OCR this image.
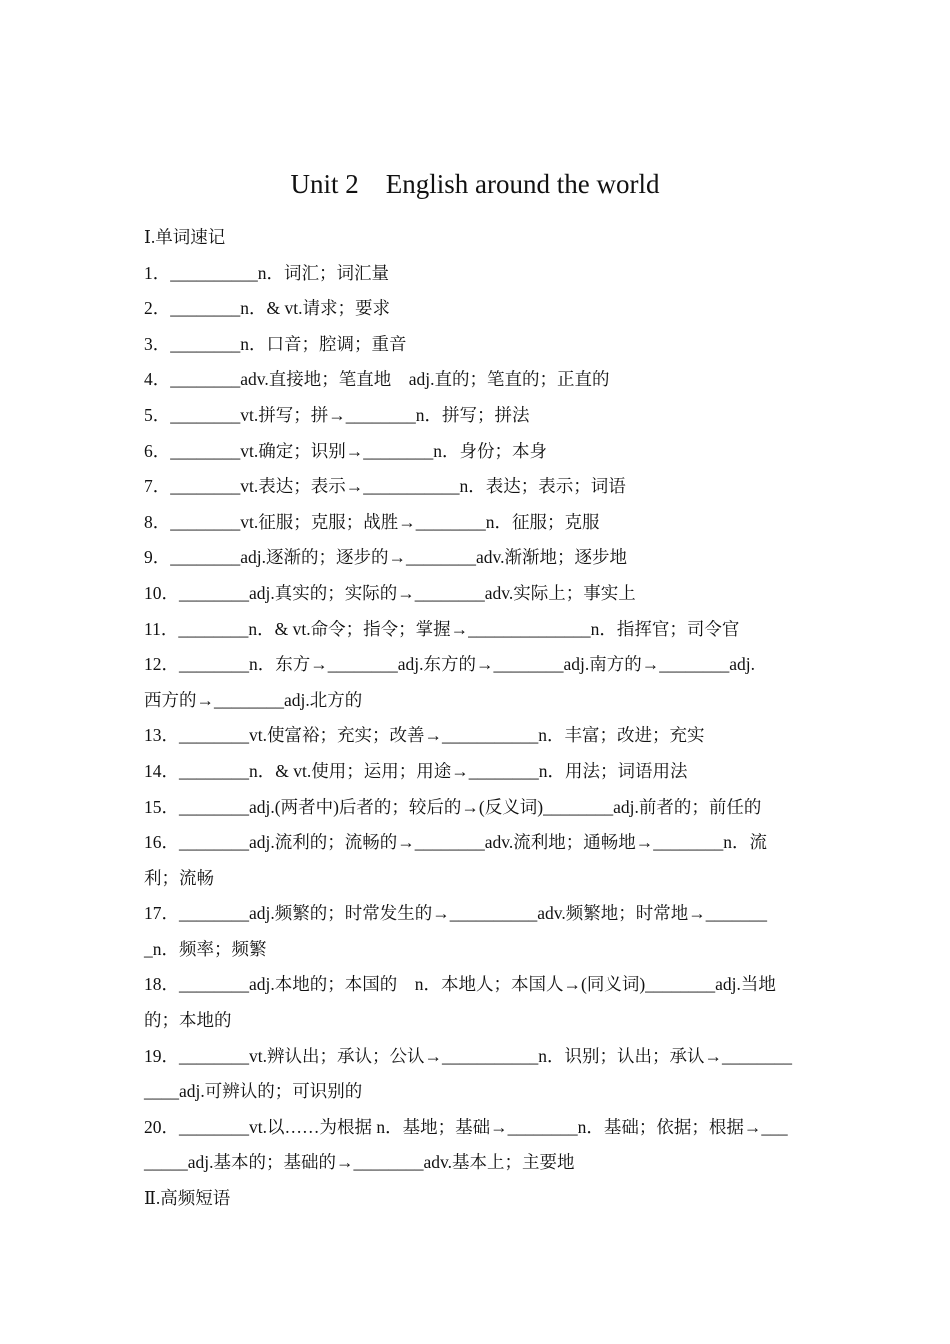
Unit 2　English around the world
Ⅰ.单词速记
1．__________n．词汇；词汇量
2．________n．& vt.请求；要求
3．________n．口音；腔调；重音
4．________adv.直接地；笔直地　adj.直的；笔直的；正直的
5．________vt.拼写；拼→________n．拼写；拼法
6．________vt.确定；识别→________n．身份；本身
7．________vt.表达；表示→___________n．表达；表示；词语
8．________vt.征服；克服；战胜→________n．征服；克服
9．________adj.逐渐的；逐步的→________adv.渐渐地；逐步地
10．________adj.真实的；实际的→________adv.实际上；事实上
11．________n．& vt.命令；指令；掌握→______________n．指挥官；司令官
12．________n．东方→________adj.东方的→________adj.南方的→________adj.
西方的→________adj.北方的
13．________vt.使富裕；充实；改善→___________n．丰富；改进；充实
14．________n．& vt.使用；运用；用途→________n．用法；词语用法
15．________adj.(两者中)后者的；较后的→(反义词)________adj.前者的；前任的
16．________adj.流利的；流畅的→________adv.流利地；通畅地→________n．流
利；流畅
17．________adj.频繁的；时常发生的→__________adv.频繁地；时常地→_______
_n．频率；频繁
18．________adj.本地的；本国的　n．本地人；本国人→(同义词)________adj.当地
的；本地的
19．________vt.辨认出；承认；公认→___________n．识别；认出；承认→________
____adj.可辨认的；可识别的
20．________vt.以……为根据 n．基地；基础→________n．基础；依据；根据→___
_____adj.基本的；基础的→________adv.基本上；主要地
Ⅱ.高频短语
